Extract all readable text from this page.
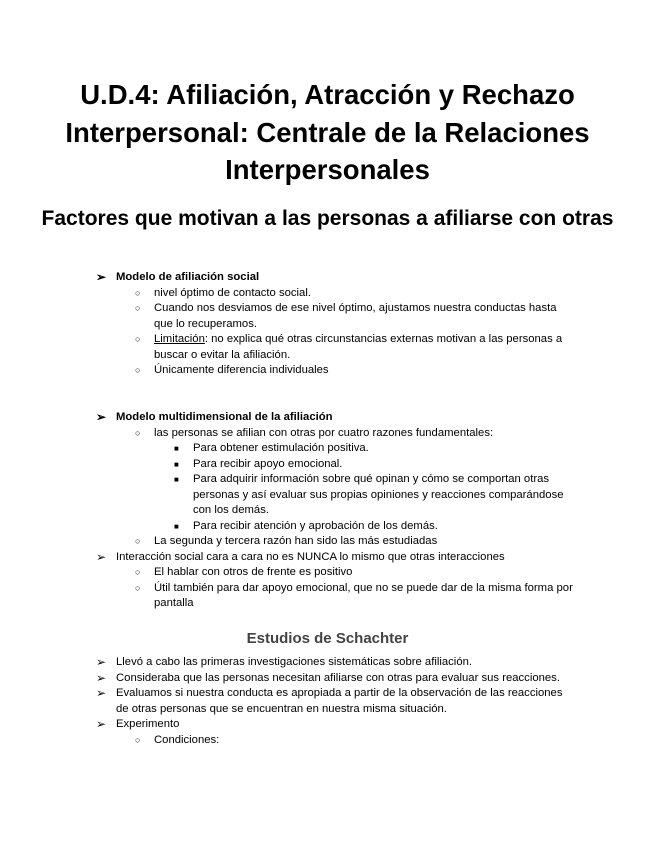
U.D.4: Afiliación, Atracción y Rechazo Interpersonal: Centrale de la Relaciones Interpersonales
Factores que motivan a las personas a afiliarse con otras
➢ Modelo de afiliación social
○ nivel óptimo de contacto social.
○ Cuando nos desviamos de ese nivel óptimo, ajustamos nuestra conductas hasta que lo recuperamos.
○ Limitación: no explica qué otras circunstancias externas motivan a las personas a buscar o evitar la afiliación.
○ Únicamente diferencia individuales
➢ Modelo multidimensional de la afiliación
○ las personas se afilian con otras por cuatro razones fundamentales:
■ Para obtener estimulación positiva.
■ Para recibir apoyo emocional.
■ Para adquirir información sobre qué opinan y cómo se comportan otras personas y así evaluar sus propias opiniones y reacciones comparándose con los demás.
■ Para recibir atención y aprobación de los demás.
○ La segunda y tercera razón han sido las más estudiadas
➢ Interacción social cara a cara no es NUNCA lo mismo que otras interacciones
○ El hablar con otros de frente es positivo
○ Útil también para dar apoyo emocional, que no se puede dar de la misma forma por pantalla
Estudios de Schachter
➢ Llevó a cabo las primeras investigaciones sistemáticas sobre afiliación.
➢ Consideraba que las personas necesitan afiliarse con otras para evaluar sus reacciones.
➢ Evaluamos si nuestra conducta es apropiada a partir de la observación de las reacciones de otras personas que se encuentran en nuestra misma situación.
➢ Experimento
○ Condiciones:
